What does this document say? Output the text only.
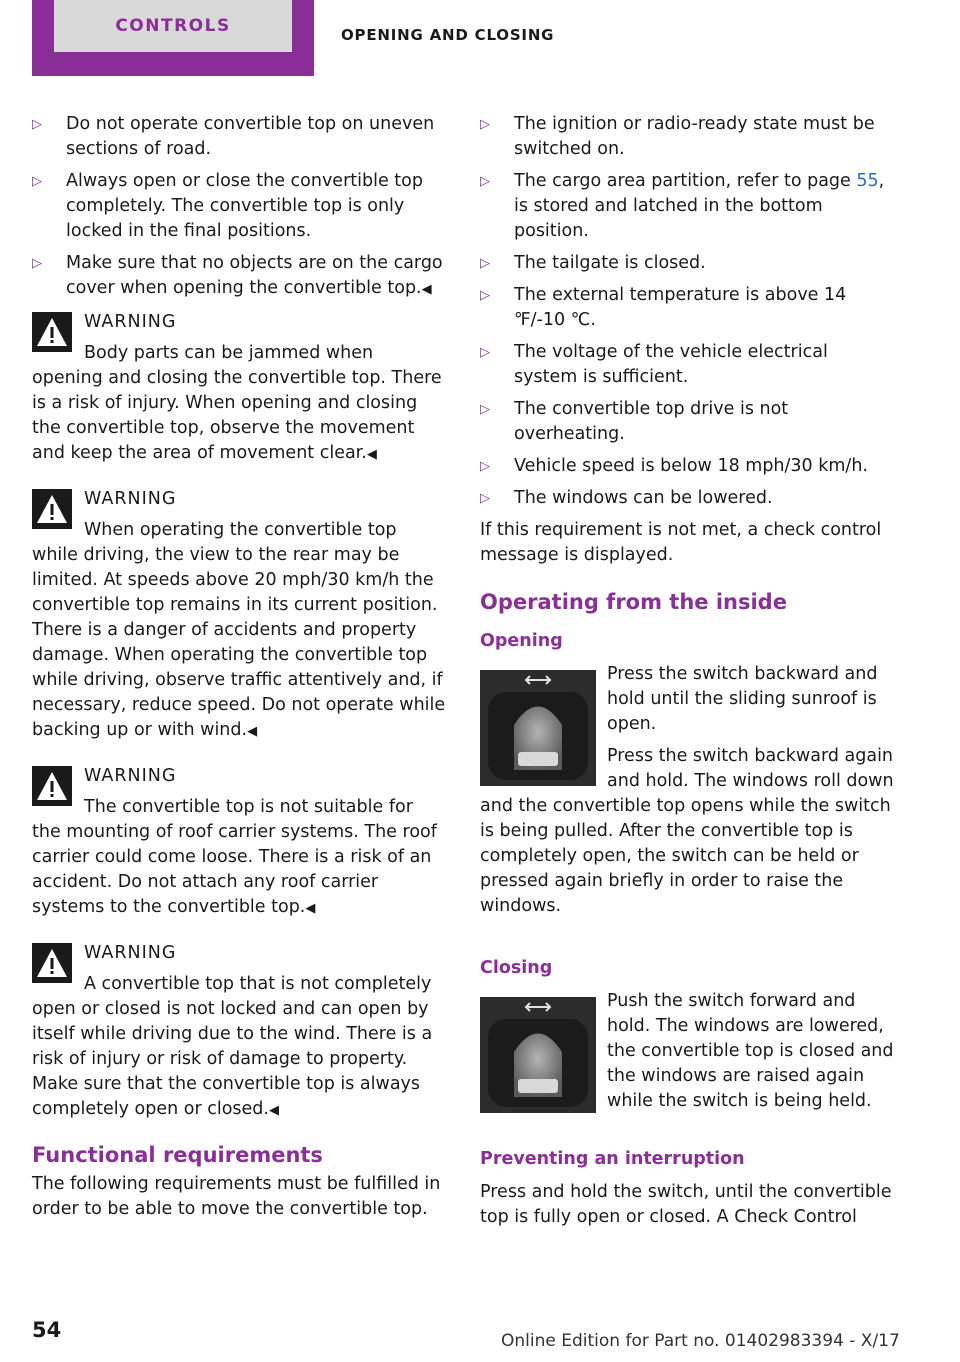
CONTROLS	OPENING AND CLOSING
▷	Do not operate convertible top on uneven sections of road.
▷	Always open or close the convertible top completely. The convertible top is only locked in the final positions.
▷	Make sure that no objects are on the cargo cover when opening the convertible top.◀
WARNING
Body parts can be jammed when opening and closing the convertible top. There is a risk of injury. When opening and closing the convertible top, observe the movement and keep the area of movement clear.◀
WARNING
When operating the convertible top while driving, the view to the rear may be limited. At speeds above 20 mph/30 km/h the convertible top remains in its current position. There is a danger of accidents and property damage. When operating the convertible top while driving, observe traffic attentively and, if necessary, reduce speed. Do not operate while backing up or with wind.◀
WARNING
The convertible top is not suitable for the mounting of roof carrier systems. The roof carrier could come loose. There is a risk of an accident. Do not attach any roof carrier systems to the convertible top.◀
WARNING
A convertible top that is not completely open or closed is not locked and can open by itself while driving due to the wind. There is a risk of injury or risk of damage to property. Make sure that the convertible top is always completely open or closed.◀
Functional requirements

The following requirements must be fulfilled in order to be able to move the convertible top.

▷	The ignition or radio-ready state must be switched on.
▷	The cargo area partition, refer to page 55, is stored and latched in the bottom position.
▷	The tailgate is closed.
▷	The external temperature is above 14 ℉/-10 ℃.
▷	The voltage of the vehicle electrical system is sufficient.
▷	The convertible top drive is not overheating.
▷	Vehicle speed is below 18 mph/30 km/h.
▷	The windows can be lowered.

If this requirement is not met, a check control message is displayed.

Operating from the inside
Opening

Press the switch backward and hold until the sliding sunroof is open.

Press the switch backward again and hold. The windows roll down and the convertible top opens while the switch is being pulled. After the convertible top is completely open, the switch can be held or pressed again briefly in order to raise the windows.

Closing

Push the switch forward and hold. The windows are lowered, the convertible top is closed and the windows are raised again while the switch is being held.

Preventing an interruption

Press and hold the switch, until the convertible top is fully open or closed. A Check Control

54	Online Edition for Part no. 01402983394 - X/17
